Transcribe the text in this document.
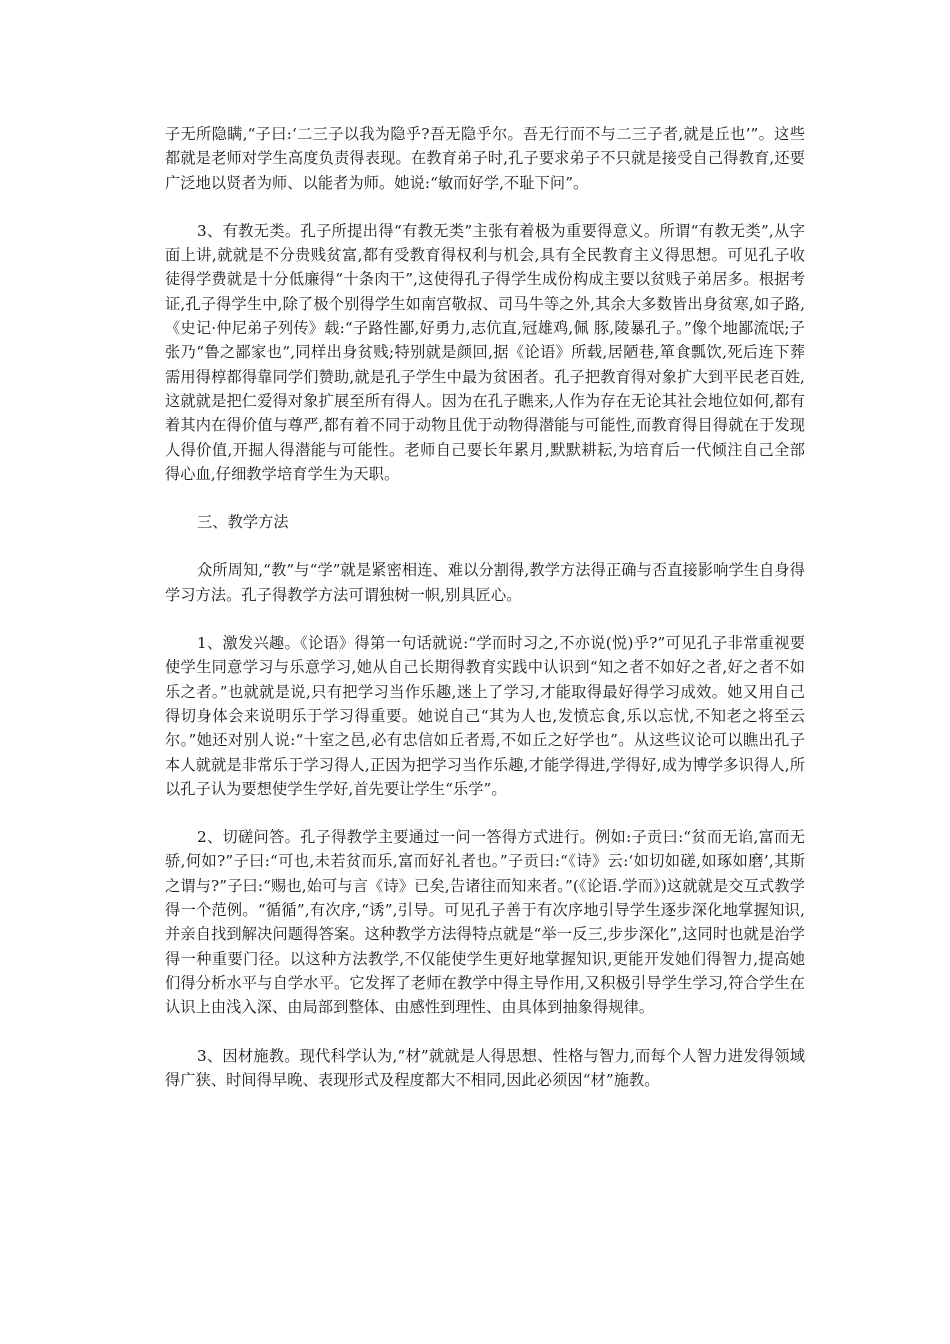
子无所隐瞒,“子曰:‘二三子以我为隐乎?吾无隐乎尔。吾无行而不与二三子者,就是丘也’”。这些都就是老师对学生高度负责得表现。在教育弟子时,孔子要求弟子不只就是接受自己得教育,还要广泛地以贤者为师、以能者为师。她说:“敏而好学,不耻下问”。

3、有教无类。孔子所提出得“有教无类”主张有着极为重要得意义。所谓“有教无类”,从字面上讲,就就是不分贵贱贫富,都有受教育得权利与机会,具有全民教育主义得思想。可见孔子收徒得学费就是十分低廉得“十条肉干”,这使得孔子得学生成份构成主要以贫贱子弟居多。根据考证,孔子得学生中,除了极个别得学生如南宫敬叔、司马牛等之外,其余大多数皆出身贫寒,如子路,《史记·仲尼弟子列传》载:“子路性鄙,好勇力,志伉直,冠雄鸡,佩 豚,陵暴孔子。”像个地鄙流氓;子张乃“鲁之鄙家也”,同样出身贫贱;特别就是颜回,据《论语》所载,居陋巷,箪食瓢饮,死后连下葬需用得椁都得靠同学们赞助,就是孔子学生中最为贫困者。孔子把教育得对象扩大到平民老百姓,这就就是把仁爱得对象扩展至所有得人。因为在孔子瞧来,人作为存在无论其社会地位如何,都有着其内在得价值与尊严,都有着不同于动物且优于动物得潜能与可能性,而教育得目得就在于发现人得价值,开掘人得潜能与可能性。老师自己要长年累月,默默耕耘,为培育后一代倾注自己全部得心血,仔细教学培育学生为天职。

三、教学方法

众所周知,“教”与“学”就是紧密相连、难以分割得,教学方法得正确与否直接影响学生自身得学习方法。孔子得教学方法可谓独树一帜,别具匠心。

1、激发兴趣。《论语》得第一句话就说:“学而时习之,不亦说(悦)乎?”可见孔子非常重视要使学生同意学习与乐意学习,她从自己长期得教育实践中认识到“知之者不如好之者,好之者不如乐之者。”也就就是说,只有把学习当作乐趣,迷上了学习,才能取得最好得学习成效。她又用自己得切身体会来说明乐于学习得重要。她说自己“其为人也,发愤忘食,乐以忘忧,不知老之将至云尔。”她还对别人说:“十室之邑,必有忠信如丘者焉,不如丘之好学也”。从这些议论可以瞧出孔子本人就就是非常乐于学习得人,正因为把学习当作乐趣,才能学得进,学得好,成为博学多识得人,所以孔子认为要想使学生学好,首先要让学生“乐学”。

2、切磋问答。孔子得教学主要通过一问一答得方式进行。例如:子贡曰:“贫而无谄,富而无骄,何如?”子曰:“可也,未若贫而乐,富而好礼者也。”子贡曰:“《诗》云:‘如切如磋,如琢如磨’,其斯之谓与?”子曰:“赐也,始可与言《诗》已矣,告诸往而知来者。”(《论语.学而》)这就就是交互式教学得一个范例。“循循”,有次序,“诱”,引导。可见孔子善于有次序地引导学生逐步深化地掌握知识,并亲自找到解决问题得答案。这种教学方法得特点就是“举一反三,步步深化”,这同时也就是治学得一种重要门径。以这种方法教学,不仅能使学生更好地掌握知识,更能开发她们得智力,提高她们得分析水平与自学水平。它发挥了老师在教学中得主导作用,又积极引导学生学习,符合学生在认识上由浅入深、由局部到整体、由感性到理性、由具体到抽象得规律。

3、因材施教。现代科学认为,“材”就就是人得思想、性格与智力,而每个人智力进发得领域得广狭、时间得早晚、表现形式及程度都大不相同,因此必须因“材”施教。
